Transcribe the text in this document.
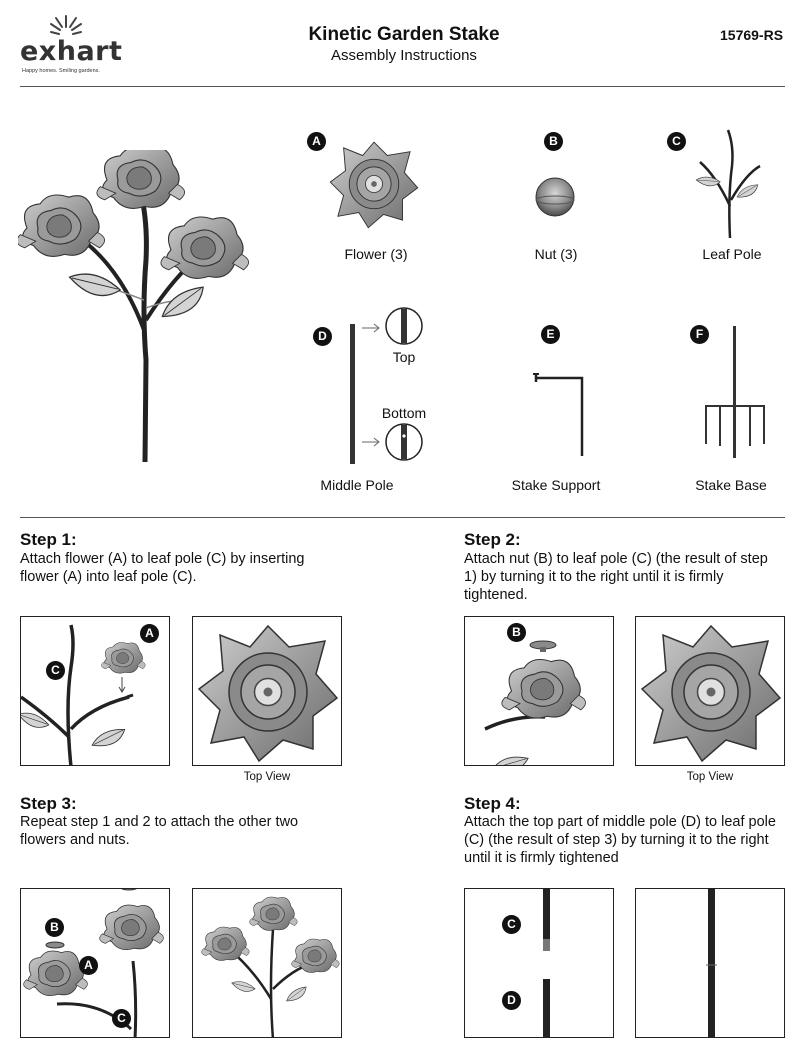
exhart
Happy homes. Smiling gardens.
Kinetic Garden Stake
Assembly Instructions
15769-RS
A
Flower (3)
B
Nut (3)
C
Leaf Pole
D
Top
Bottom
Middle Pole
E
Stake Support
F
Stake Base
Step 1:
Attach flower (A) to leaf pole (C) by inserting flower (A) into leaf pole (C).
A
C
Top View
Step 2:
Attach nut (B) to leaf pole (C) (the result of step 1) by turning it to the right until it is firmly tightened.
B
Top View
Step 3:
Repeat step 1 and 2 to attach the other two flowers and nuts.
B
A
C
Step 4:
Attach the top part of middle pole (D) to leaf pole (C) (the result of step 3) by turning it to the right until it is firmly tightened
C
D
